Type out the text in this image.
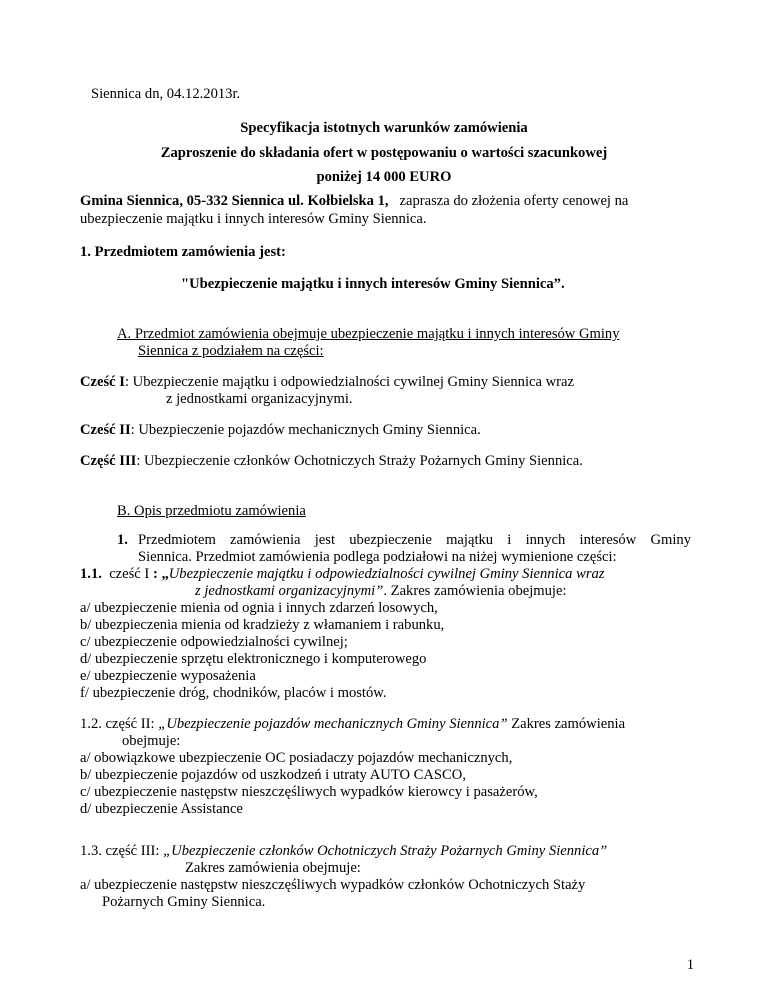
Siennica dn, 04.12.2013r.
Specyfikacja istotnych warunków zamówienia
Zaproszenie do składania ofert w postępowaniu o wartości szacunkowej
poniżej 14 000 EURO
Gmina Siennica, 05-332 Siennica ul. Kołbielska 1, zaprasza do złożenia oferty cenowej na
ubezpieczenie majątku i innych interesów Gminy Siennica.
1. Przedmiotem zamówienia jest:
"Ubezpieczenie majątku i innych interesów Gminy Siennica”.
A. Przedmiot zamówienia obejmuje ubezpieczenie majątku i innych interesów Gminy
Siennica z podziałem na części:
Cześć I: Ubezpieczenie majątku i odpowiedzialności cywilnej Gminy Siennica wraz
z jednostkami organizacyjnymi.
Cześć II: Ubezpieczenie pojazdów mechanicznych Gminy Siennica.
Część III: Ubezpieczenie członków Ochotniczych Straży Pożarnych Gminy Siennica.
B. Opis przedmiotu zamówienia
1. Przedmiotem zamówienia jest ubezpieczenie majątku i innych interesów Gminy
Siennica. Przedmiot zamówienia podlega podziałowi na niżej wymienione części:
1.1. cześć I : „Ubezpieczenie majątku i odpowiedzialności cywilnej Gminy Siennica wraz
z jednostkami organizacyjnymi”. Zakres zamówienia obejmuje:
a/ ubezpieczenie mienia od ognia i innych zdarzeń losowych,
b/ ubezpieczenia mienia od kradzieży z włamaniem i rabunku,
c/ ubezpieczenie odpowiedzialności cywilnej;
d/ ubezpieczenie sprzętu elektronicznego i komputerowego
e/ ubezpieczenie wyposażenia
f/ ubezpieczenie dróg, chodników, placów i mostów.
1.2. część II: „Ubezpieczenie pojazdów mechanicznych Gminy Siennica” Zakres zamówienia
obejmuje:
a/ obowiązkowe ubezpieczenie OC posiadaczy pojazdów mechanicznych,
b/ ubezpieczenie pojazdów od uszkodzeń i utraty AUTO CASCO,
c/ ubezpieczenie następstw nieszczęśliwych wypadków kierowcy i pasażerów,
d/ ubezpieczenie Assistance
1.3. część III: „Ubezpieczenie członków Ochotniczych Straży Pożarnych Gminy Siennica”
Zakres zamówienia obejmuje:
a/ ubezpieczenie następstw nieszczęśliwych wypadków członków Ochotniczych Staży
Pożarnych Gminy Siennica.
1
